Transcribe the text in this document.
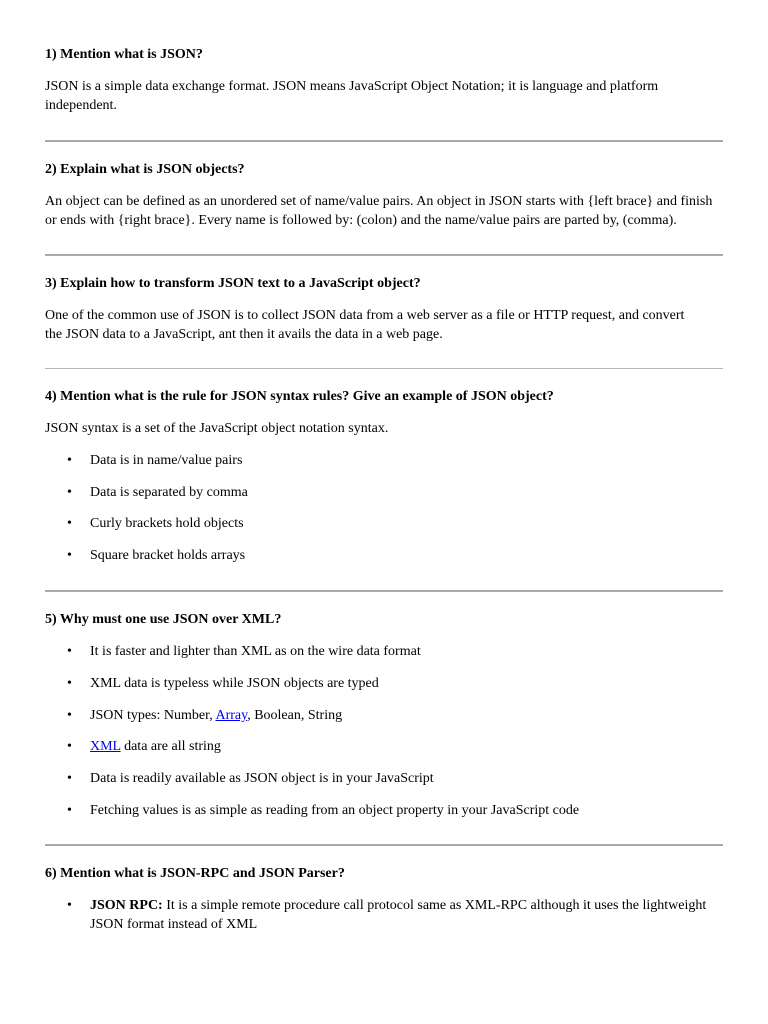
1) Mention what is JSON?

JSON is a simple data exchange format. JSON means JavaScript Object Notation; it is language and platform independent.

2) Explain what is JSON objects?

An object can be defined as an unordered set of name/value pairs. An object in JSON starts with {left brace} and finish or ends with {right brace}. Every name is followed by: (colon) and the name/value pairs are parted by, (comma).

3) Explain how to transform JSON text to a JavaScript object?

One of the common use of JSON is to collect JSON data from a web server as a file or HTTP request, and convert the JSON data to a JavaScript, ant then it avails the data in a web page.

4) Mention what is the rule for JSON syntax rules? Give an example of JSON object?

JSON syntax is a set of the JavaScript object notation syntax.

• Data is in name/value pairs
• Data is separated by comma
• Curly brackets hold objects
• Square bracket holds arrays

5) Why must one use JSON over XML?

• It is faster and lighter than XML as on the wire data format
• XML data is typeless while JSON objects are typed
• JSON types: Number, Array, Boolean, String
• XML data are all string
• Data is readily available as JSON object is in your JavaScript
• Fetching values is as simple as reading from an object property in your JavaScript code

6) Mention what is JSON-RPC and JSON Parser?

• JSON RPC: It is a simple remote procedure call protocol same as XML-RPC although it uses the lightweight JSON format instead of XML
